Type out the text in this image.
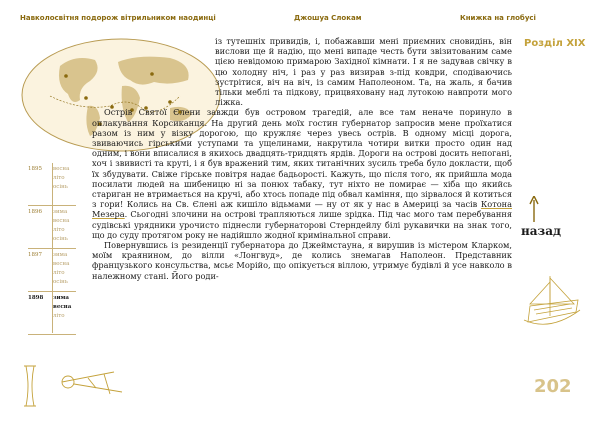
Навколосвітня подорож вітрильником наодинці	Джошуа Слокам	Книжка на глобусі
Розділ XIX
назад
202
1895 весна
літо
осінь
1896 зима
весна
літо
осінь
1897 зима
весна
літо
осінь
1898 зима
весна
літо

із тутешніх привидів, і, побажавши мені приємних сновидінь, він вислови ще й надію, що мені випаде честь бути звізитованим саме цією невідомою примарою Західної кімнати. І я не задував свічку в цю холодну ніч, і раз у раз визирав з-під ковдри, сподіваючись зустрітися, віч на віч, із самим Наполеоном. Та, на жаль, я бачив тільки меблі та підкову, прицвяховану над лутокою навпроти мого ліжка.

Острів Святої Єлени завжди був островом трагедій, але все там неначе поринуло в оплакування Корсиканця. На другий день моїх гостин губернатор запросив мене проїхатися разом із ним у візку дорогою, що кружляє через увесь острів. В одному місці дорога, звиваючись гірськими уступами та ущелинами, накрутила чотири витки просто один над одним, і вони вписалися в якихось двадцять-тридцять ярдів. Дороги на острові досить непогані, хоч і звивисті та круті, і я був вражений тим, яких титанічних зусиль треба було докласти, щоб їх збудувати. Свіже гірське повітря надає бадьорості. Кажуть, що після того, як прийшла мода посилати людей на шибеницю ні за понюх табаку, тут ніхто не помирає — хіба що якийсь стариган не втримається на кручі, або хтось попаде під обвал каміння, що зірвалося й котиться з гори! Колись на Св. Єлені аж кишіло відьмами — ну от як у нас в Америці за часів Котона Мезера. Сьогодні злочини на острові трапляються лише зрідка. Під час мого там перебування судівські урядники урочисто піднесли губернаторові Стерндейлу білі рукавички на знак того, що до суду протягом року не надійшло жодної кримінальної справи.

Повернувшись із резиденції губернатора до Джеймстауна, я вирушив із містером Кларком, моїм краянином, до вілли «Лонгвуд», де колись знемагав Наполеон. Представник французького консульства, мсьє Морійо, що опікується віллою, утримує будівлі й усе навколо в належному стані. Його роди-
